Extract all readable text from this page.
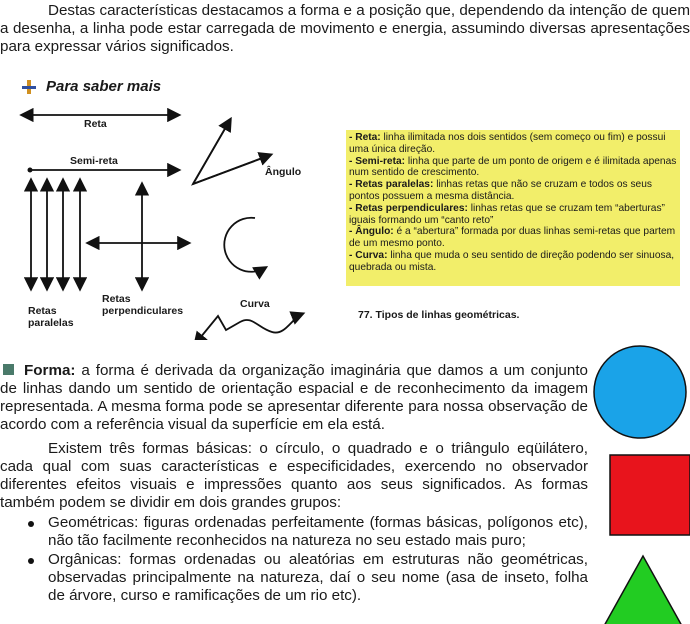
Destas características destacamos a forma e a posição que, dependendo da intenção de quem a desenha, a linha pode estar carregada de movimento e energia, assumindo diversas apresentações para expressar vários significados.

Para saber mais
Reta
Semi-reta
Ângulo
Retas
perpendiculares
Retas
paralelas
Curva

- Reta: linha ilimitada nos dois sentidos (sem começo ou fim) e possui uma única direção.

- Semi-reta: linha que parte de um ponto de origem e é ilimitada apenas num sentido de crescimento.

- Retas paralelas: linhas retas que não se cruzam e todos os seus pontos possuem a mesma distância.

- Retas perpendiculares: linhas retas que se cruzam tem “aberturas” iguais formando um “canto reto”

- Ângulo: é a “abertura” formada por duas linhas semi-retas que partem de um mesmo ponto.

- Curva: linha que muda o seu sentido de direção podendo ser sinuosa, quebrada ou mista.

77. Tipos de linhas geométricas.

Forma: a forma é derivada da organização imaginária que damos a um conjunto de linhas dando um sentido de orientação espacial e de reconhecimento da imagem representada. A mesma forma pode se apresentar diferente para nossa observação de acordo com a referência visual da superfície em ela está.

Existem três formas básicas: o círculo, o quadrado e o triângulo eqüilátero, cada qual com suas características e especificidades, exercendo no observador diferentes efeitos visuais e impressões quanto aos seus significados. As formas também podem se dividir em dois grandes grupos:

Geométricas: figuras ordenadas perfeitamente (formas básicas, polígonos etc), não tão facilmente reconhecidos na natureza no seu estado mais puro;
Orgânicas: formas ordenadas ou aleatórias em estruturas não geométricas, observadas principalmente na natureza, daí o seu nome (asa de inseto, folha de árvore, curso e ramificações de um rio etc).
